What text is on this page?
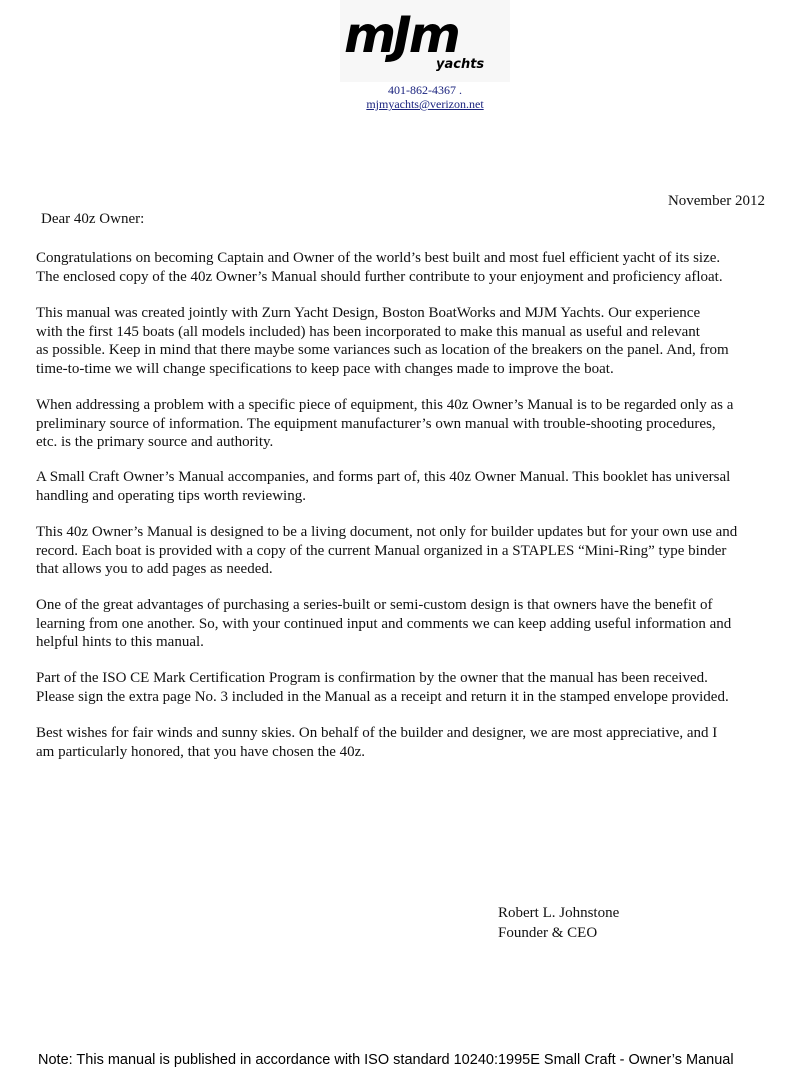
mJm
yachts
401-862-4367 .
mjmyachts@verizon.net
November 2012
Dear 40z Owner:
Congratulations on becoming Captain and Owner of the world’s best built and most fuel efficient yacht of its size.
The enclosed copy of the 40z Owner’s Manual should further contribute to your enjoyment and proficiency afloat.
This manual was created jointly with Zurn Yacht Design, Boston BoatWorks and MJM Yachts. Our experience
with the first 145 boats (all models included) has been incorporated to make this manual as useful and relevant
as possible. Keep in mind that there maybe some variances such as location of the breakers on the panel. And, from
time-to-time we will change specifications to keep pace with changes made to improve the boat.
When addressing a problem with a specific piece of equipment, this 40z Owner’s Manual is to be regarded only as a
preliminary source of information. The equipment manufacturer’s own manual with trouble-shooting procedures,
etc. is the primary source and authority.
A Small Craft Owner’s Manual accompanies, and forms part of, this 40z Owner Manual. This booklet has universal
handling and operating tips worth reviewing.
This 40z Owner’s Manual is designed to be a living document, not only for builder updates but for your own use and
record. Each boat is provided with a copy of the current Manual organized in a STAPLES “Mini-Ring” type binder
that allows you to add pages as needed.
One of the great advantages of purchasing a series-built or semi-custom design is that owners have the benefit of
learning from one another. So, with your continued input and comments we can keep adding useful information and
helpful hints to this manual.
Part of the ISO CE Mark Certification Program is confirmation by the owner that the manual has been received.
Please sign the extra page No. 3 included in the Manual as a receipt and return it in the stamped envelope provided.
Best wishes for fair winds and sunny skies. On behalf of the builder and designer, we are most appreciative, and I
am particularly honored, that you have chosen the 40z.
Robert L. Johnstone
Founder & CEO
Note: This manual is published in accordance with ISO standard 10240:1995E Small Craft - Owner’s Manual
